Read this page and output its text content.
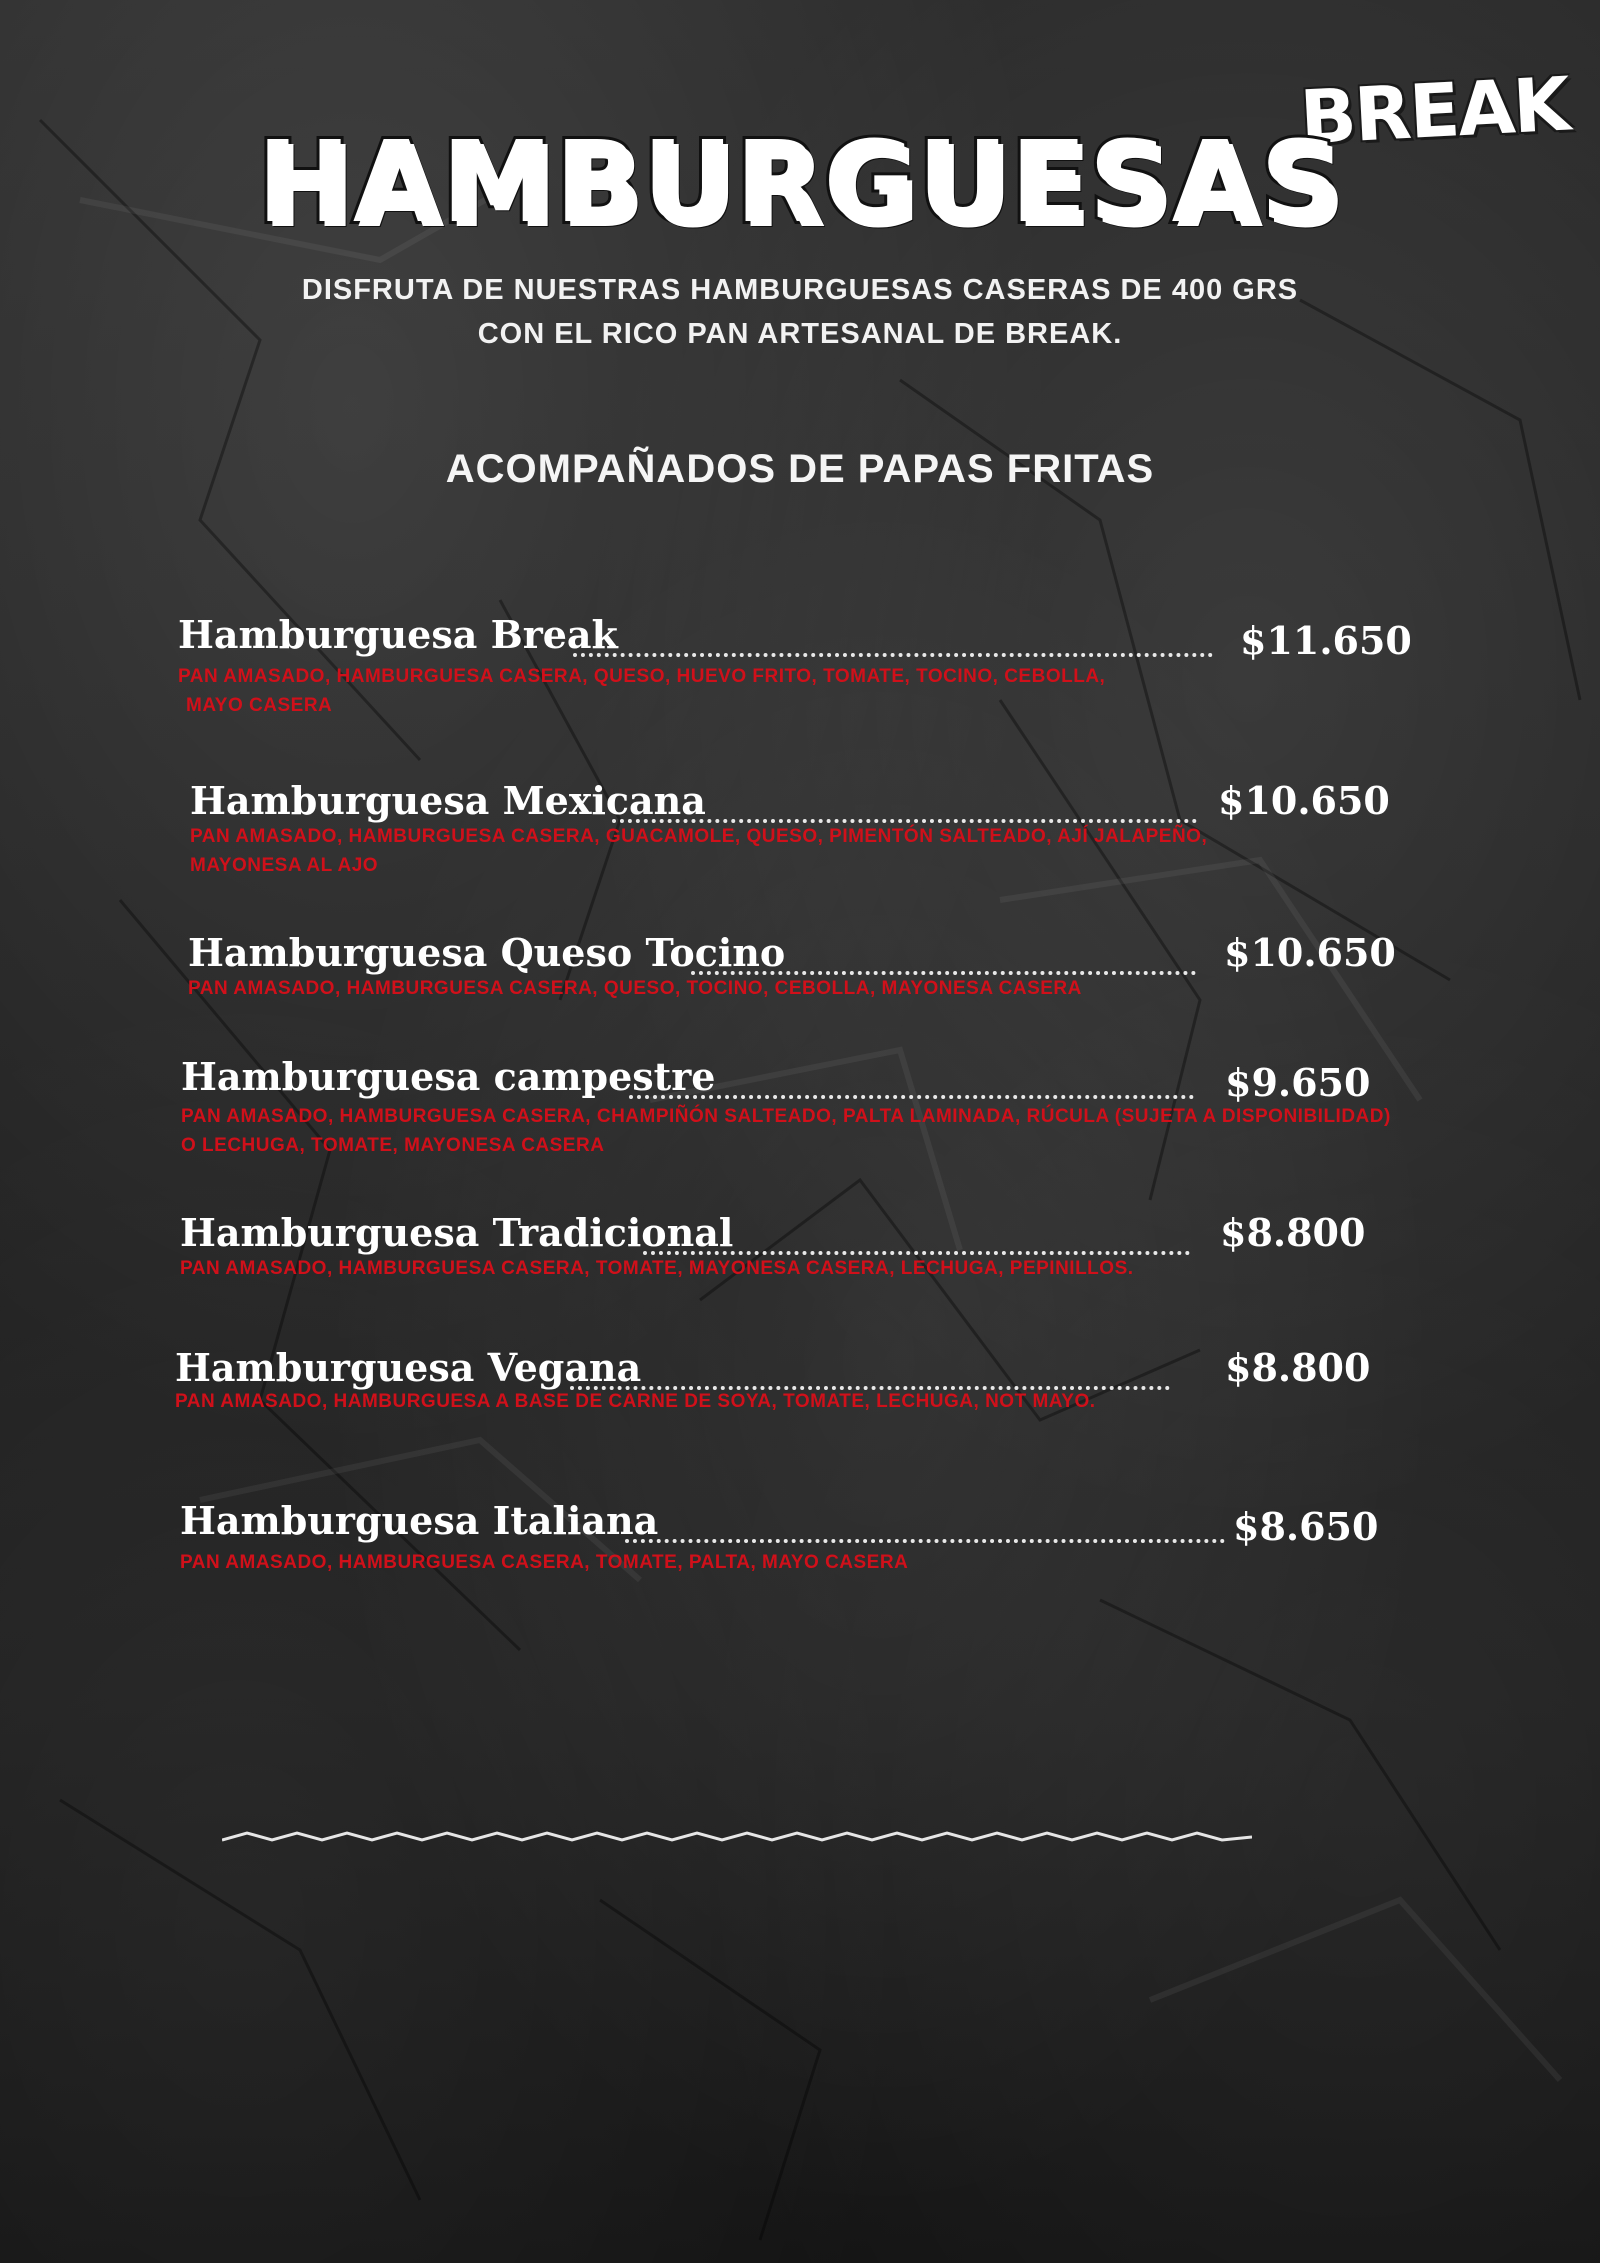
BREAK
HAMBURGUESAS
DISFRUTA DE NUESTRAS HAMBURGUESAS CASERAS DE 400 GRS
CON EL RICO PAN ARTESANAL DE BREAK.
ACOMPAÑADOS DE PAPAS FRITAS
Hamburguesa Break	$11.650
PAN AMASADO, HAMBURGUESA CASERA, QUESO, HUEVO FRITO, TOMATE, TOCINO, CEBOLLA,
MAYO CASERA
Hamburguesa Mexicana	$10.650
PAN AMASADO, HAMBURGUESA CASERA, GUACAMOLE, QUESO, PIMENTÓN SALTEADO, AJÍ JALAPEÑO,
MAYONESA AL AJO
Hamburguesa Queso Tocino	$10.650
PAN AMASADO, HAMBURGUESA CASERA, QUESO, TOCINO, CEBOLLA, MAYONESA CASERA
Hamburguesa campestre	$9.650
PAN AMASADO, HAMBURGUESA CASERA, CHAMPIÑÓN SALTEADO, PALTA LAMINADA, RÚCULA (SUJETA A DISPONIBILIDAD)
O LECHUGA, TOMATE, MAYONESA CASERA
Hamburguesa Tradicional	$8.800
PAN AMASADO, HAMBURGUESA CASERA, TOMATE, MAYONESA CASERA, LECHUGA, PEPINILLOS.
Hamburguesa Vegana	$8.800
PAN AMASADO, HAMBURGUESA A BASE DE CARNE DE SOYA, TOMATE, LECHUGA, NOT MAYO.
Hamburguesa Italiana	$8.650
PAN AMASADO, HAMBURGUESA CASERA, TOMATE, PALTA, MAYO CASERA
